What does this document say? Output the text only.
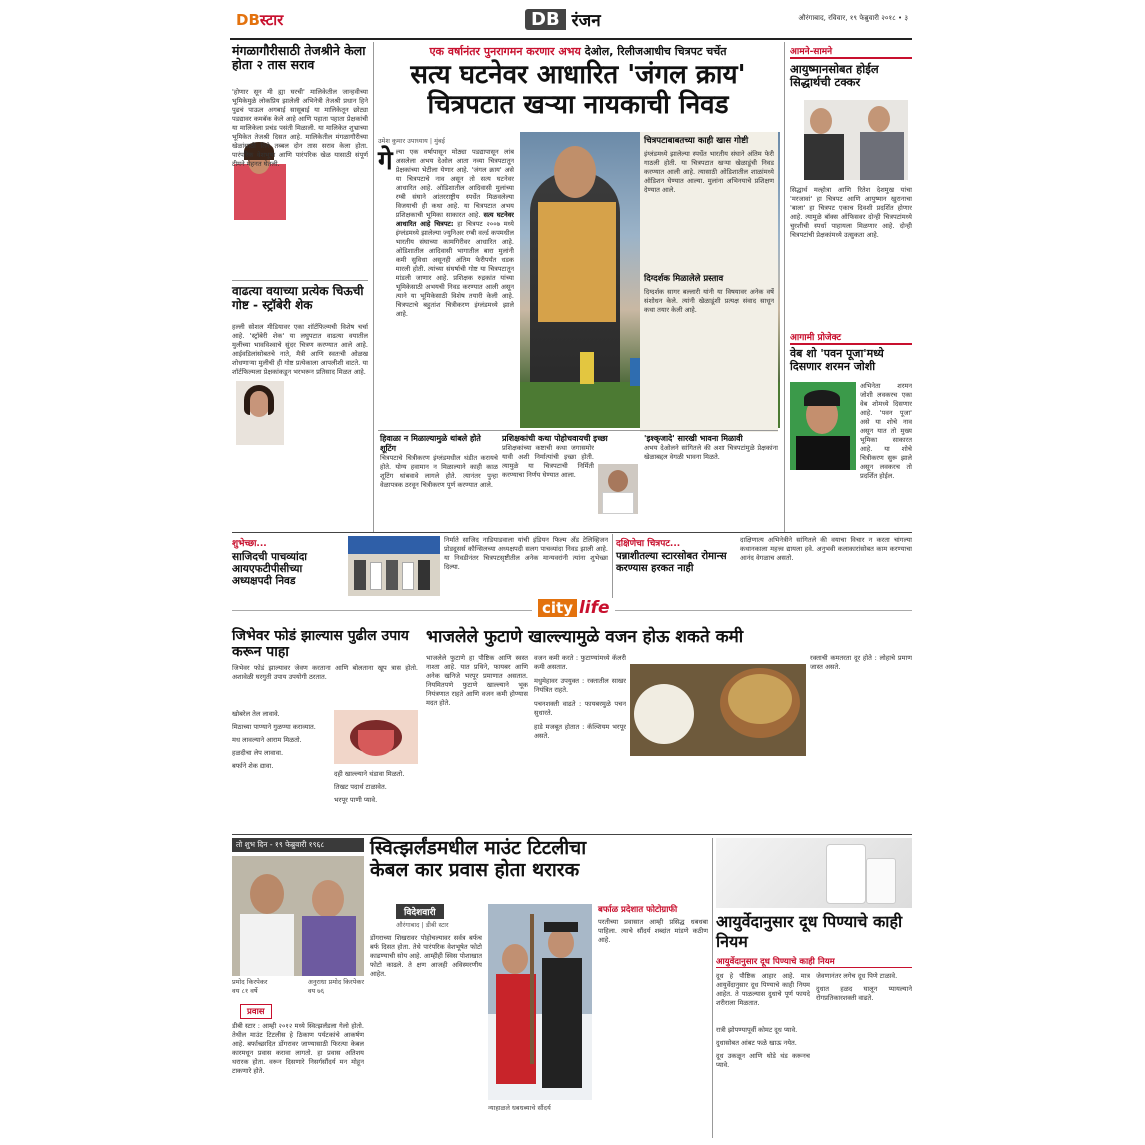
DBस्टार	DB रंजन	औरंगाबाद, रविवार, १९ फेब्रुवारी २०१८ • ३
मंगळागौरीसाठी तेजश्रीने केला होता २ तास सराव
'होणार सून मी ह्या घरची' मालिकेतील जान्हवीच्या भूमिकेमुळे लोकप्रिय झालेली अभिनेत्री तेजश्री प्रधान हिने पुढचं पाऊल अगबाई सासूबाई या मालिकेतून छोट्या पडद्यावर कमबॅक केले आहे आणि पहाता पहाता प्रेक्षकांची या मालिकेला प्रचंड पसंती मिळाली. या मालिकेत शुभ्राच्या भूमिकेत तेजश्री दिसत आहे. मालिकेतील मंगळागौरीच्या खेळांसाठी तिने तब्बल दोन तास सराव केला होता. पारंपरिक वेशभूषा आणि पारंपरिक खेळ यासाठी संपूर्ण टीमने मेहनत घेतली.
वाढत्या वयाच्या प्रत्येक चिऊची गोष्ट - स्ट्रॉबेरी शेक
हल्ली सोशल मीडियावर एका शॉर्टफिल्मची विशेष चर्चा आहे. 'स्ट्रॉबेरी शेक' या लघुपटात वाढत्या वयातील मुलींच्या भावविश्वाचे सुंदर चित्रण करण्यात आले आहे. आईवडिलांसोबतचे नाते, मैत्री आणि स्वतःची ओळख शोधणाऱ्या मुलीची ही गोष्ट प्रत्येकाला आपलीशी वाटते. या शॉर्टफिल्मला प्रेक्षकांकडून भरभरून प्रतिसाद मिळत आहे.
एक वर्षानंतर पुनरागमन करणार अभय देओल, रिलीजआधीच चित्रपट चर्चेत
सत्य घटनेवर आधारित 'जंगल क्राय'
चित्रपटात खऱ्या नायकाची निवड
उमेश कुमार उपाध्याय | मुंबई
गे ल्या एक वर्षापासून मोठ्या पडद्यापासून लांब असलेला अभय देओल आता नव्या चित्रपटातून प्रेक्षकांच्या भेटीला येणार आहे. 'जंगल क्राय' असे या चित्रपटाचे नाव असून तो सत्य घटनेवर आधारित आहे. ओडिशातील आदिवासी मुलांच्या रग्बी संघाने आंतरराष्ट्रीय स्पर्धेत मिळवलेल्या विजयाची ही कथा आहे. या चित्रपटात अभय प्रशिक्षकाची भूमिका साकारत आहे. सत्य घटनेवर आधारित आहे चित्रपट: हा चित्रपट २००७ मध्ये इंग्लंडमध्ये झालेल्या ज्युनिअर रग्बी वर्ल्ड कपमधील भारतीय संघाच्या कामगिरीवर आधारित आहे. ओडिशातील आदिवासी भागातील बारा मुलांनी कमी सुविधा असूनही अंतिम फेरीपर्यंत धडक मारली होती. त्यांच्या संघर्षाची गोष्ट या चित्रपटातून मांडली जाणार आहे. प्रशिक्षक रुद्रकांत यांच्या भूमिकेसाठी अभयची निवड करण्यात आली असून त्याने या भूमिकेसाठी विशेष तयारी केली आहे. चित्रपटाचे बहुतांश चित्रीकरण इंग्लंडमध्ये झाले आहे.
चित्रपटाबाबतच्या काही खास गोष्टी
इंग्लंडमध्ये झालेल्या स्पर्धेत भारतीय संघाने अंतिम फेरी गाठली होती. या चित्रपटात खऱ्या खेळाडूंची निवड करण्यात आली आहे. त्यासाठी ओडिशातील शाळांमध्ये ऑडिशन घेण्यात आल्या. मुलांना अभिनयाचे प्रशिक्षण देण्यात आले.
दिग्दर्शक मिळालेले प्रस्ताव
दिग्दर्शक सागर बल्लारी यांनी या विषयावर अनेक वर्षे संशोधन केले. त्यांनी खेळाडूंशी प्रत्यक्ष संवाद साधून कथा तयार केली आहे.
हिवाळा न मिळाल्यामुळे थांबले होते शूटिंग
चित्रपटाचे चित्रीकरण इंग्लंडमधील थंडीत करायचे होते. योग्य हवामान न मिळाल्याने काही काळ शूटिंग थांबवावे लागले होते. त्यानंतर पुन्हा वेळापत्रक ठरवून चित्रीकरण पूर्ण करण्यात आले.
प्रशिक्षकांची कथा पोहोचवायची इच्छा
प्रशिक्षकांच्या कष्टाची कथा जगासमोर यावी अशी निर्मात्यांची इच्छा होती. त्यामुळे या चित्रपटाची निर्मिती करण्याचा निर्णय घेण्यात आला.
'इश्क्‌जादे' सारखी भावना मिळावी
अभय देओलने सांगितले की अशा चित्रपटांमुळे प्रेक्षकांना खेळाबद्दल वेगळी भावना मिळते.
आमने-सामने
आयुष्मानसोबत होईल सिद्धार्थची टक्कर
सिद्धार्थ मल्होत्रा आणि रितेश देशमुख यांचा 'मरजावां' हा चित्रपट आणि आयुष्मान खुरानाचा 'बाला' हा चित्रपट एकाच दिवशी प्रदर्शित होणार आहे. त्यामुळे बॉक्स ऑफिसवर दोन्ही चित्रपटांमध्ये चुरशीची स्पर्धा पाहायला मिळणार आहे. दोन्ही चित्रपटांची प्रेक्षकांमध्ये उत्सुकता आहे.
आगामी प्रोजेक्ट
वेब शो 'पवन पूजा'मध्ये दिसणार शरमन जोशी
अभिनेता शरमन जोशी लवकरच एका वेब शोमध्ये दिसणार आहे. 'पवन पूजा' असे या शोचे नाव असून यात तो मुख्य भूमिका साकारत आहे. या शोचे चित्रीकरण सुरू झाले असून लवकरच तो प्रदर्शित होईल.
शुभेच्छा...
साजिदची पाचव्यांदा आयएफटीपीसीच्या अध्यक्षपदी निवड
निर्माते साजिद नाडियाडवाला यांची इंडियन फिल्म अँड टेलिव्हिजन प्रोड्यूसर्स कौन्सिलच्या अध्यक्षपदी सलग पाचव्यांदा निवड झाली आहे. या निवडीनंतर चित्रपटसृष्टीतील अनेक मान्यवरांनी त्यांना शुभेच्छा दिल्या.
दक्षिणेचा चित्रपट...
पन्नाशीतल्या स्टारसोबत रोमान्स करण्यास हरकत नाही
दाक्षिणात्य अभिनेत्रीने सांगितले की वयाचा विचार न करता चांगल्या कथानकाला महत्त्व द्यायला हवे. अनुभवी कलाकारांसोबत काम करण्याचा आनंद वेगळाच असतो.
city life
जिभेवर फोडं झाल्यास पुढील उपाय करून पाहा
जिभेवर फोडं झाल्यावर जेवण करताना आणि बोलताना खूप त्रास होतो. अशावेळी घरगुती उपाय उपयोगी ठरतात.
खोबरेल तेल लावावे.
मिठाच्या पाण्याने गुळण्या कराव्यात.
मध लावल्याने आराम मिळतो.
हळदीचा लेप लावावा.
बर्फाने शेक द्यावा.
दही खाल्ल्याने थंडावा मिळतो.
तिखट पदार्थ टाळावेत.
भरपूर पाणी प्यावे.
भाजलेले फुटाणे खाल्ल्यामुळे वजन होऊ शकते कमी
भाजलेले फुटाणे हा पौष्टिक आणि स्वस्त नाश्ता आहे. यात प्रथिने, फायबर आणि अनेक खनिजे भरपूर प्रमाणात असतात. नियमितपणे फुटाणे खाल्ल्याने भूक नियंत्रणात राहते आणि वजन कमी होण्यास मदत होते.
वजन कमी करते : फुटाण्यांमध्ये कॅलरी कमी असतात.
मधुमेहावर उपयुक्त : रक्तातील साखर नियंत्रित राहते.
पचनशक्ती वाढते : फायबरमुळे पचन सुधारते.
हाडे मजबूत होतात : कॅल्शियम भरपूर असते.
रक्ताची कमतरता दूर होते : लोहाचे प्रमाण जास्त असते.
तो शुभ दिन - १९ फेब्रुवारी १९६८
प्रमोद किरपेकर
वय ८१ वर्षे
अनुराधा प्रमोद किरपेकर
वय ७६
प्रवास
डीबी स्टार : आम्ही २०१२ मध्ये स्वित्झर्लंडला गेलो होतो. तेथील माउंट टिटलीस हे ठिकाण पर्यटकांचे आकर्षण आहे. बर्फाच्छादित डोंगरावर जाण्यासाठी फिरत्या केबल कारमधून प्रवास करावा लागतो. हा प्रवास अतिशय थरारक होता. वरून दिसणारे निसर्गसौंदर्य मन मोहून टाकणारे होते.
स्वित्झर्लंडमधील माउंट टिटलीचा
केबल कार प्रवास होता थरारक
विदेशवारी
औरंगाबाद | डीबी स्टार
डोंगराच्या शिखरावर पोहोचल्यावर सर्वत्र बर्फच बर्फ दिसत होता. तेथे पारंपरिक वेशभूषेत फोटो काढण्याची सोय आहे. आम्हीही स्विस पोशाखात फोटो काढले. ते क्षण आजही अविस्मरणीय आहेत.
न्याहाळले धबधब्याचे सौंदर्य
बर्फाळ प्रदेशात फोटोग्राफी
परतीच्या प्रवासात आम्ही प्रसिद्ध धबधबा पाहिला. त्याचे सौंदर्य शब्दांत मांडणे कठीण आहे.
आयुर्वेदानुसार दूध पिण्याचे काही नियम
आयुर्वेदानुसार दूध पिण्याचे काही नियम
दूध हे पौष्टिक आहार आहे. मात्र आयुर्वेदानुसार दूध पिण्याचे काही नियम आहेत. ते पाळल्यास दुधाचे पूर्ण फायदे शरीराला मिळतात.
रात्री झोपण्यापूर्वी कोमट दूध प्यावे.
दुधासोबत आंबट फळे खाऊ नयेत.
दूध उकळून आणि थोडे थंड करूनच प्यावे.
जेवणानंतर लगेच दूध पिणे टाळावे.
दुधात हळद घालून प्यायल्याने रोगप्रतिकारशक्ती वाढते.
